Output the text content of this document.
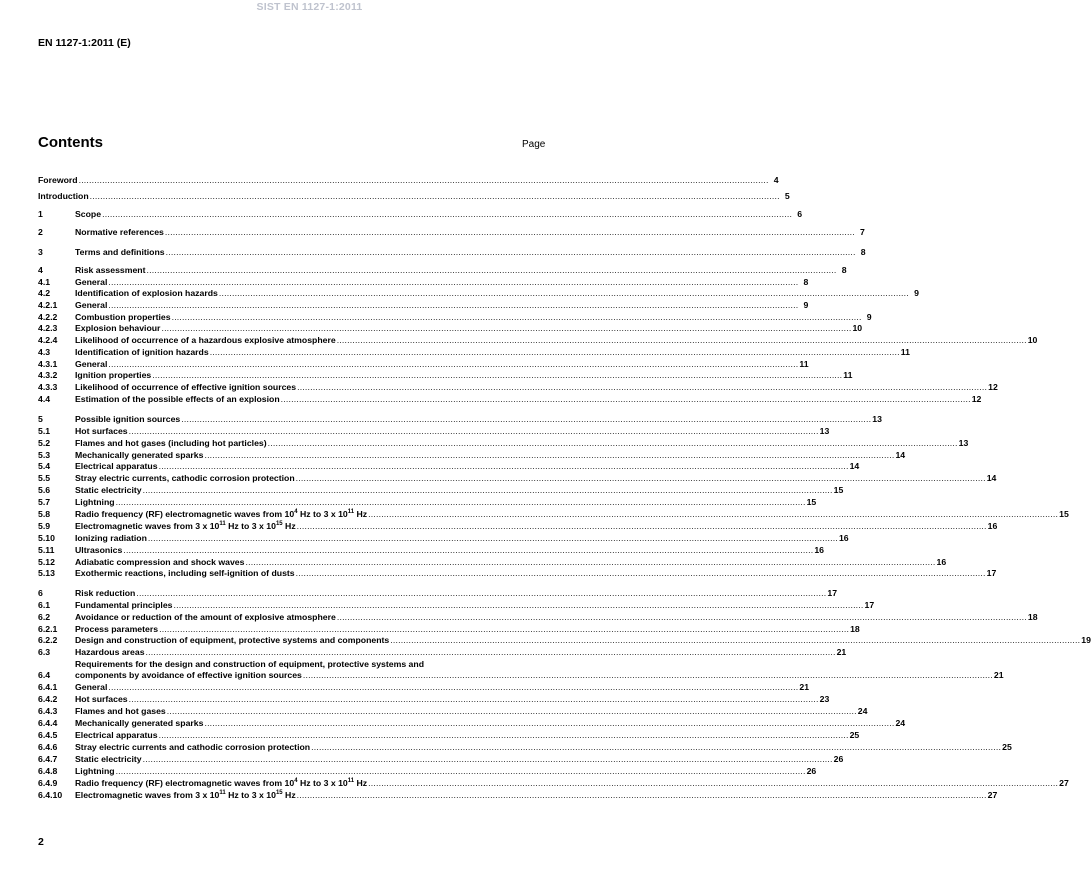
SIST EN 1127-1:2011
EN 1127-1:2011 (E)
Contents	Page
Foreword .....	4
Introduction .....	5
1	Scope .....	6
2	Normative references .....	7
3	Terms and definitions .....	8
4	Risk assessment .....	8
4.1	General .....	8
4.2	Identification of explosion hazards .....	9
4.2.1	General .....	9
4.2.2	Combustion properties .....	9
4.2.3	Explosion behaviour .....	10
4.2.4	Likelihood of occurrence of a hazardous explosive atmosphere .....	10
4.3	Identification of ignition hazards .....	11
4.3.1	General .....	11
4.3.2	Ignition properties .....	11
4.3.3	Likelihood of occurrence of effective ignition sources .....	12
4.4	Estimation of the possible effects of an explosion .....	12
5	Possible ignition sources .....	13
5.1	Hot surfaces .....	13
5.2	Flames and hot gases (including hot particles) .....	13
5.3	Mechanically generated sparks .....	14
5.4	Electrical apparatus .....	14
5.5	Stray electric currents, cathodic corrosion protection .....	14
5.6	Static electricity .....	15
5.7	Lightning .....	15
5.8	Radio frequency (RF) electromagnetic waves from $10^4$ Hz to 3 x $10^{11}$ Hz .....	15
5.9	Electromagnetic waves from 3 x $10^{11}$ Hz to 3 x $10^{15}$ Hz .....	16
5.10	Ionizing radiation .....	16
5.11	Ultrasonics .....	16
5.12	Adiabatic compression and shock waves .....	16
5.13	Exothermic reactions, including self-ignition of dusts .....	17
6	Risk reduction .....	17
6.1	Fundamental principles .....	17
6.2	Avoidance or reduction of the amount of explosive atmosphere .....	18
6.2.1	Process parameters .....	18
6.2.2	Design and construction of equipment, protective systems and components .....	19
6.3	Hazardous areas .....	21
6.4
Requirements for the design and construction of equipment, protective systems and
components by avoidance of effective ignition sources .....	21
6.4.1	General .....	21
6.4.2	Hot surfaces .....	23
6.4.3	Flames and hot gases .....	24
6.4.4	Mechanically generated sparks .....	24
6.4.5	Electrical apparatus .....	25
6.4.6	Stray electric currents and cathodic corrosion protection .....	25
6.4.7	Static electricity .....	26
6.4.8	Lightning .....	26
6.4.9	Radio frequency (RF) electromagnetic waves from $10^4$ Hz to 3 x $10^{11}$ Hz .....	27
6.4.10	Electromagnetic waves from 3 x $10^{11}$ Hz to 3 x $10^{15}$ Hz .....	27
2
